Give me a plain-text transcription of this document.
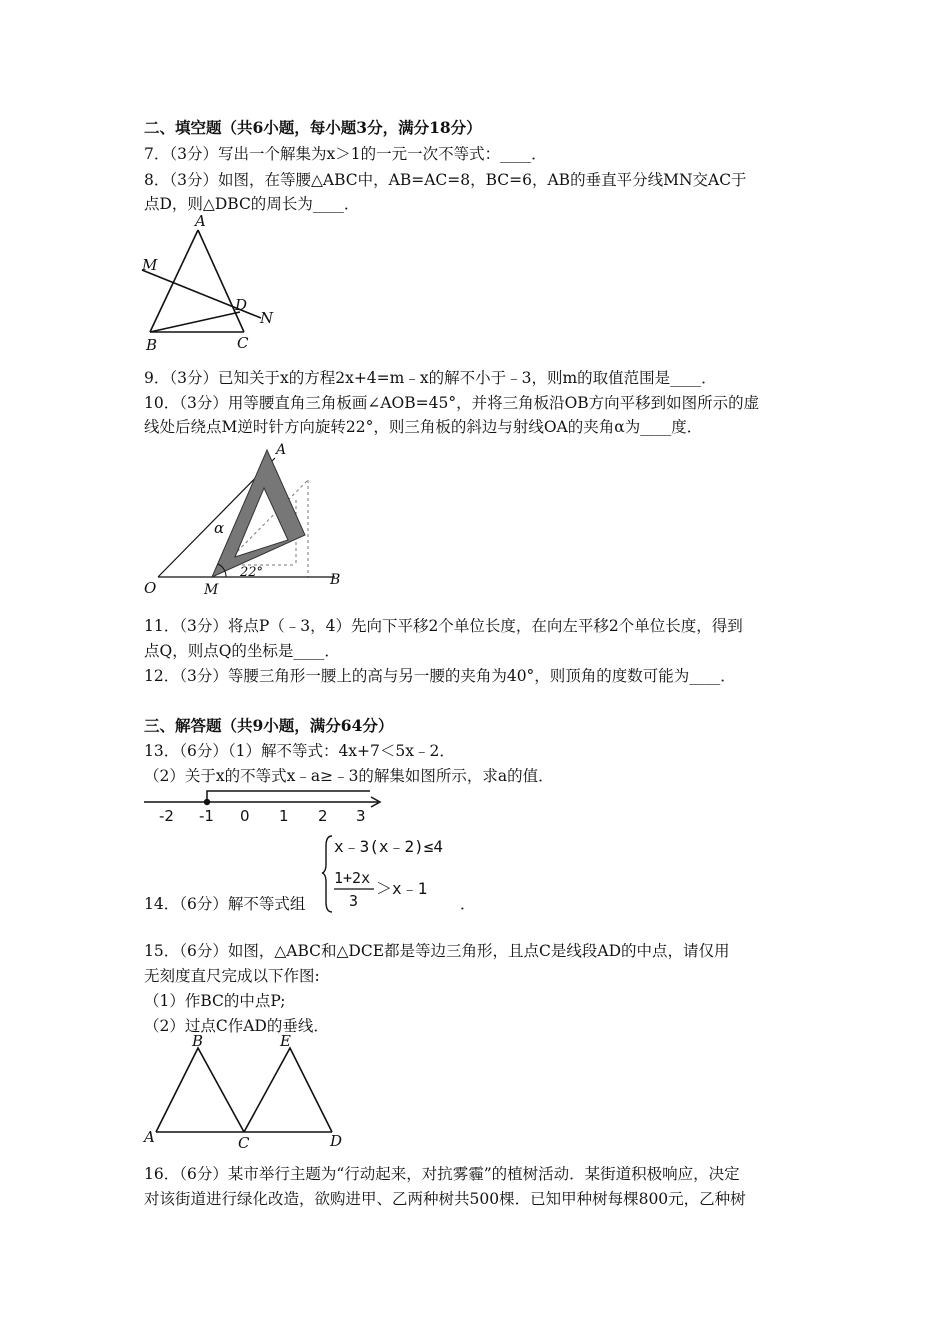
二、填空题（共6小题，每小题3分，满分18分）
7．（3分）写出一个解集为x＞1的一元一次不等式：____．
8．（3分）如图，在等腰△ABC中，AB=AC=8，BC=6，AB的垂直平分线MN交AC于
点D，则△DBC的周长为____．
A
M
D
N
B	C
9．（3分）已知关于x的方程2x+4=m﹣x的解不小于﹣3，则m的取值范围是____．
10．（3分）用等腰直角三角板画∠AOB=45°，并将三角板沿OB方向平移到如图所示的虚
线处后绕点M逆时针方向旋转22°，则三角板的斜边与射线OA的夹角α为____度．
A
α
O	M
B
22°
11．（3分）将点P（﹣3，4）先向下平移2个单位长度，在向左平移2个单位长度，得到
点Q，则点Q的坐标是____．
12．（3分）等腰三角形一腰上的高与另一腰的夹角为40°，则顶角的度数可能为____．
三、解答题（共9小题，满分64分）
13．（6分）（1）解不等式：4x+7＜5x﹣2．
（2）关于x的不等式x﹣a≥﹣3的解集如图所示，求a的值．
-2 -1 0 1 2 3
14．（6分）解不等式组
x﹣3(x﹣2)≤4
1+2x
3
＞x﹣1
．
15．（6分）如图，△ABC和△DCE都是等边三角形，且点C是线段AD的中点，请仅用
无刻度直尺完成以下作图:
（1）作BC的中点P;
（2）过点C作AD的垂线．
B	E
A	C	D
16．（6分）某市举行主题为“行动起来，对抗雾霾”的植树活动．某街道积极响应，决定
对该街道进行绿化改造，欲购进甲、乙两种树共500棵．已知甲种树每棵800元，乙种树
